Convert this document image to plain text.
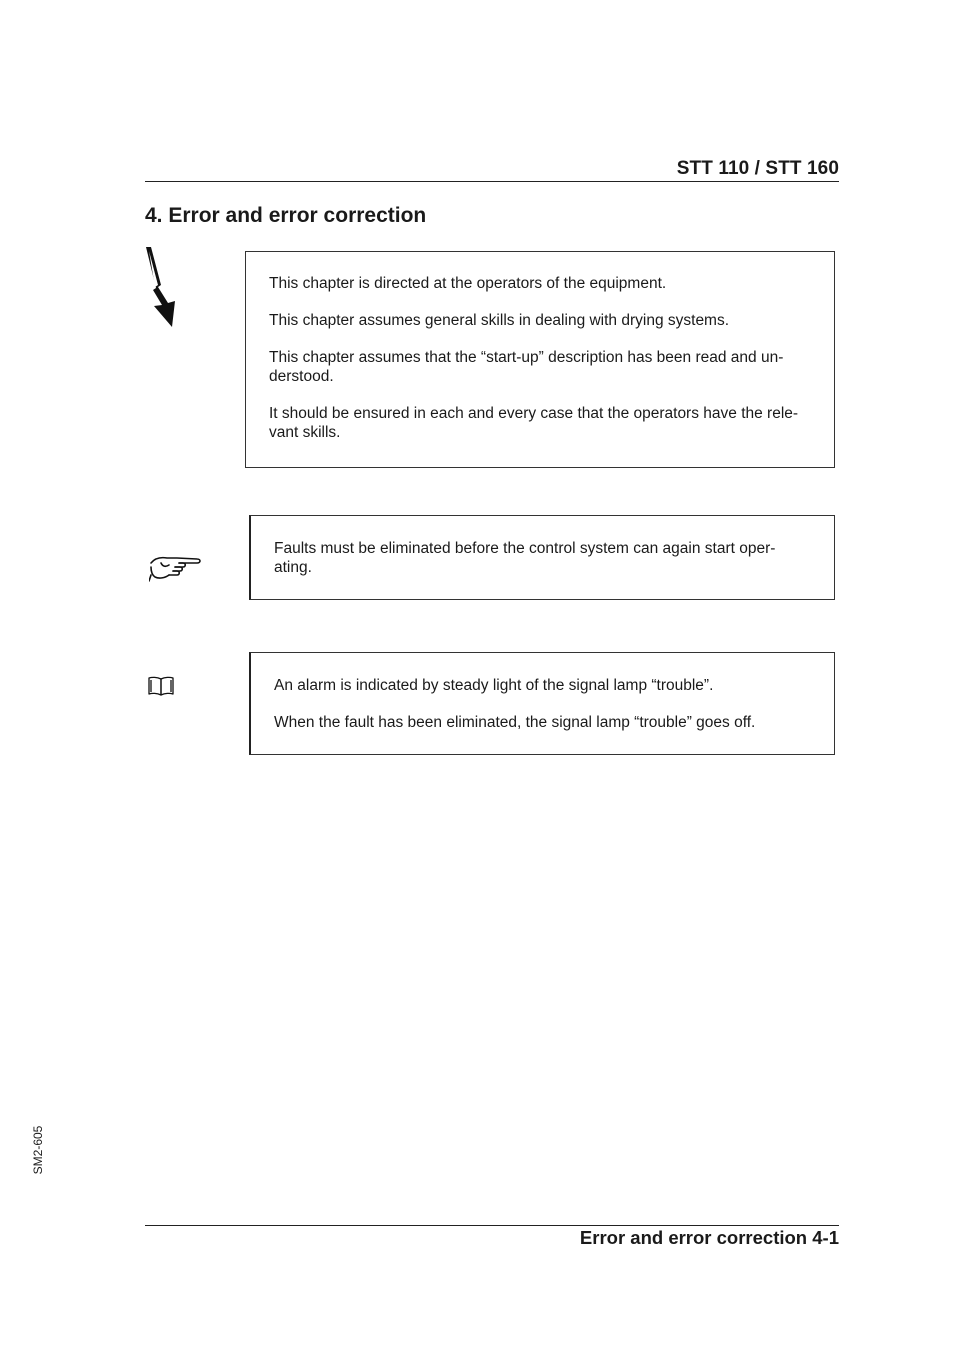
STT 110 / STT 160
4. Error and error correction

This chapter is directed at the operators of the equipment.

This chapter assumes general skills in dealing with drying systems.

This chapter assumes that the “start-up” description has been read and un-derstood.

It should be ensured in each and every case that the operators have the rele-vant skills.

Faults must be eliminated before the control system can again start oper-ating.

An alarm is indicated by steady light of the signal lamp “trouble”.

When the fault has been eliminated, the signal lamp “trouble” goes off.

SM2-605
Error and error correction 4-1
